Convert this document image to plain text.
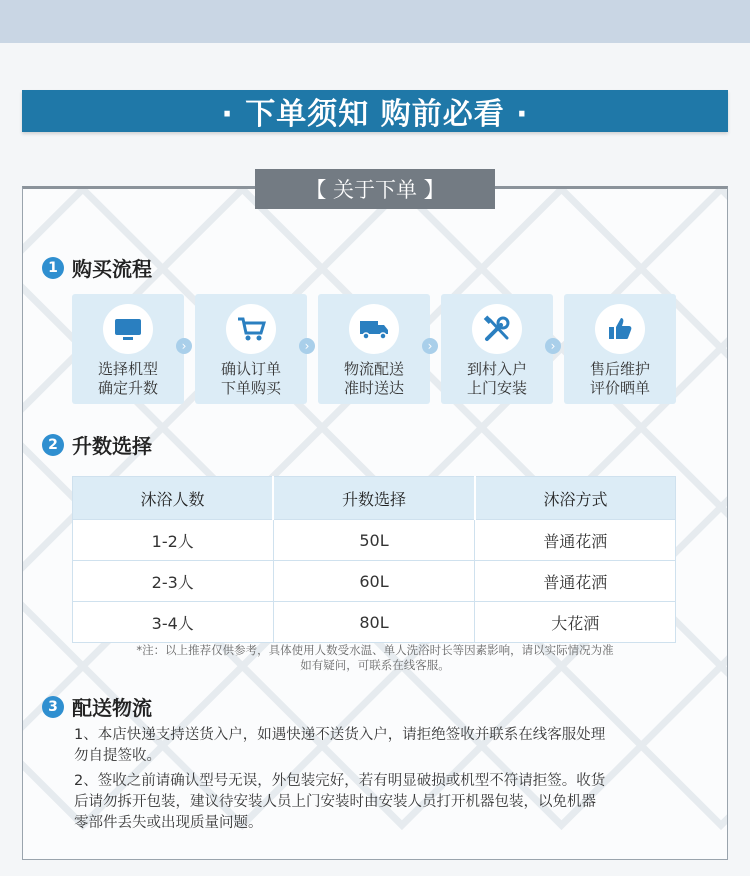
· 下单须知 购前必看 ·
【 关于下单 】
1 购买流程
选择机型
确定升数
›
确认订单
下单购买
›
物流配送
准时送达
›
到村入户
上门安装
›
售后维护
评价晒单
2 升数选择
沐浴人数	升数选择	沐浴方式
1-2人	50L	普通花洒
2-3人	60L	普通花洒
3-4人	80L	大花洒
*注：以上推荐仅供参考，具体使用人数受水温、单人洗浴时长等因素影响，请以实际情况为准
如有疑问，可联系在线客服。
3 配送物流
1、本店快递支持送货入户，如遇快递不送货入户，请拒绝签收并联系在线客服处理
勿自提签收。
2、签收之前请确认型号无误，外包装完好，若有明显破损或机型不符请拒签。收货
后请勿拆开包装，建议待安装人员上门安装时由安装人员打开机器包装，以免机器
零部件丢失或出现质量问题。
